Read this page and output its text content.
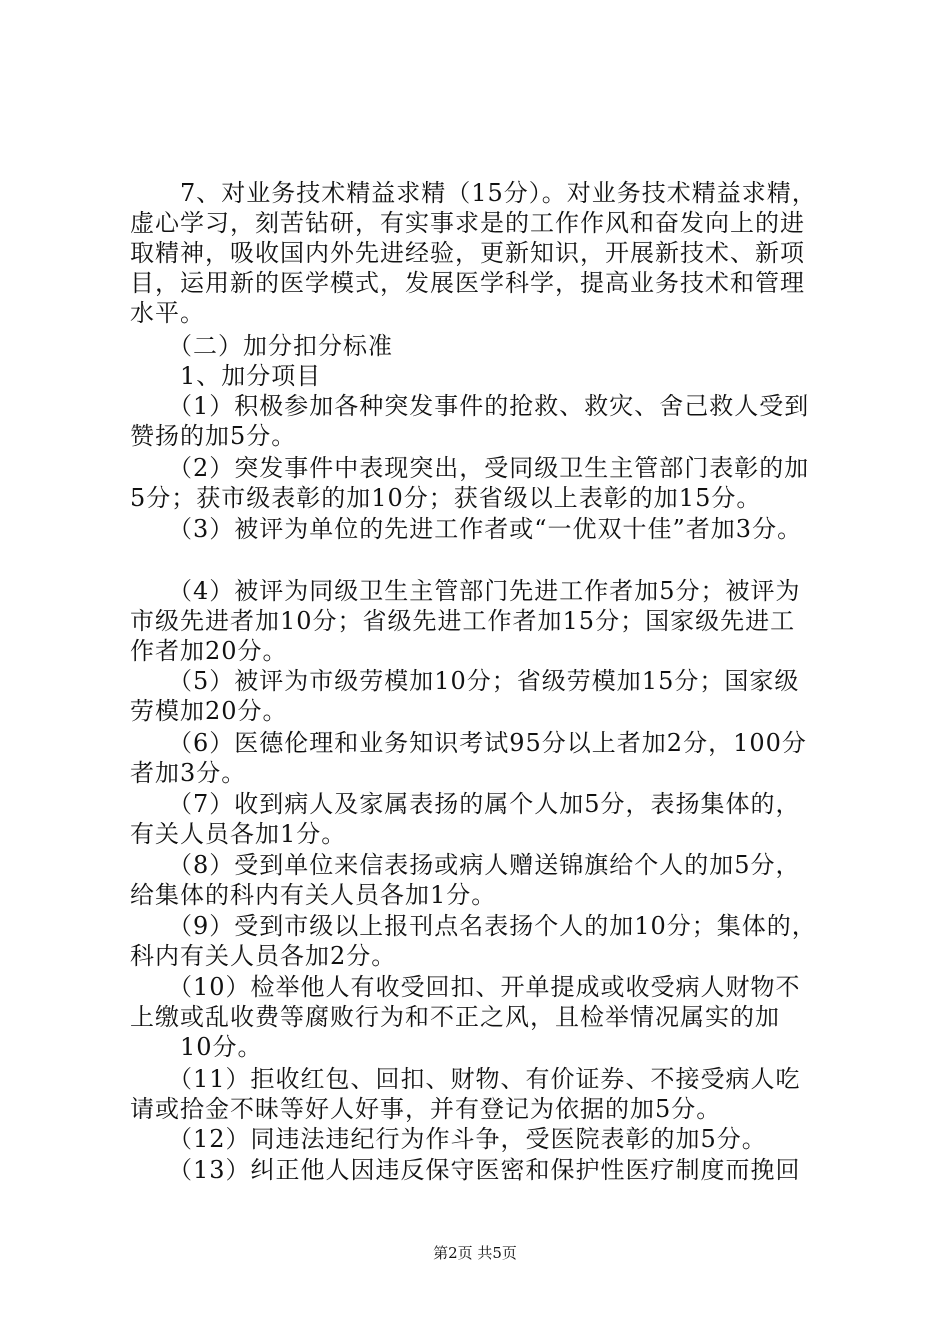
　　7、对业务技术精益求精（15分）。对业务技术精益求精，
虚心学习，刻苦钻研，有实事求是的工作作风和奋发向上的进
取精神，吸收国内外先进经验，更新知识，开展新技术、新项
目，运用新的医学模式，发展医学科学，提高业务技术和管理
水平。
　　（二）加分扣分标准
　　1、加分项目
　　（1）积极参加各种突发事件的抢救、救灾、舍己救人受到
赞扬的加5分。
　　（2）突发事件中表现突出，受同级卫生主管部门表彰的加
5分；获市级表彰的加10分；获省级以上表彰的加15分。
　　（3）被评为单位的先进工作者或“一优双十佳”者加3分。
　　（4）被评为同级卫生主管部门先进工作者加5分；被评为
市级先进者加10分；省级先进工作者加15分；国家级先进工
作者加20分。
　　（5）被评为市级劳模加10分；省级劳模加15分；国家级
劳模加20分。
　　（6）医德伦理和业务知识考试95分以上者加2分，100分
者加3分。
　　（7）收到病人及家属表扬的属个人加5分，表扬集体的，
有关人员各加1分。
　　（8）受到单位来信表扬或病人赠送锦旗给个人的加5分，
给集体的科内有关人员各加1分。
　　（9）受到市级以上报刊点名表扬个人的加10分；集体的，
科内有关人员各加2分。
　　（10）检举他人有收受回扣、开单提成或收受病人财物不
上缴或乱收费等腐败行为和不正之风，且检举情况属实的加
　　10分。
　　（11）拒收红包、回扣、财物、有价证券、不接受病人吃
请或拾金不昧等好人好事，并有登记为依据的加5分。
　　（12）同违法违纪行为作斗争，受医院表彰的加5分。
　　（13）纠正他人因违反保守医密和保护性医疗制度而挽回
第2页 共5页
